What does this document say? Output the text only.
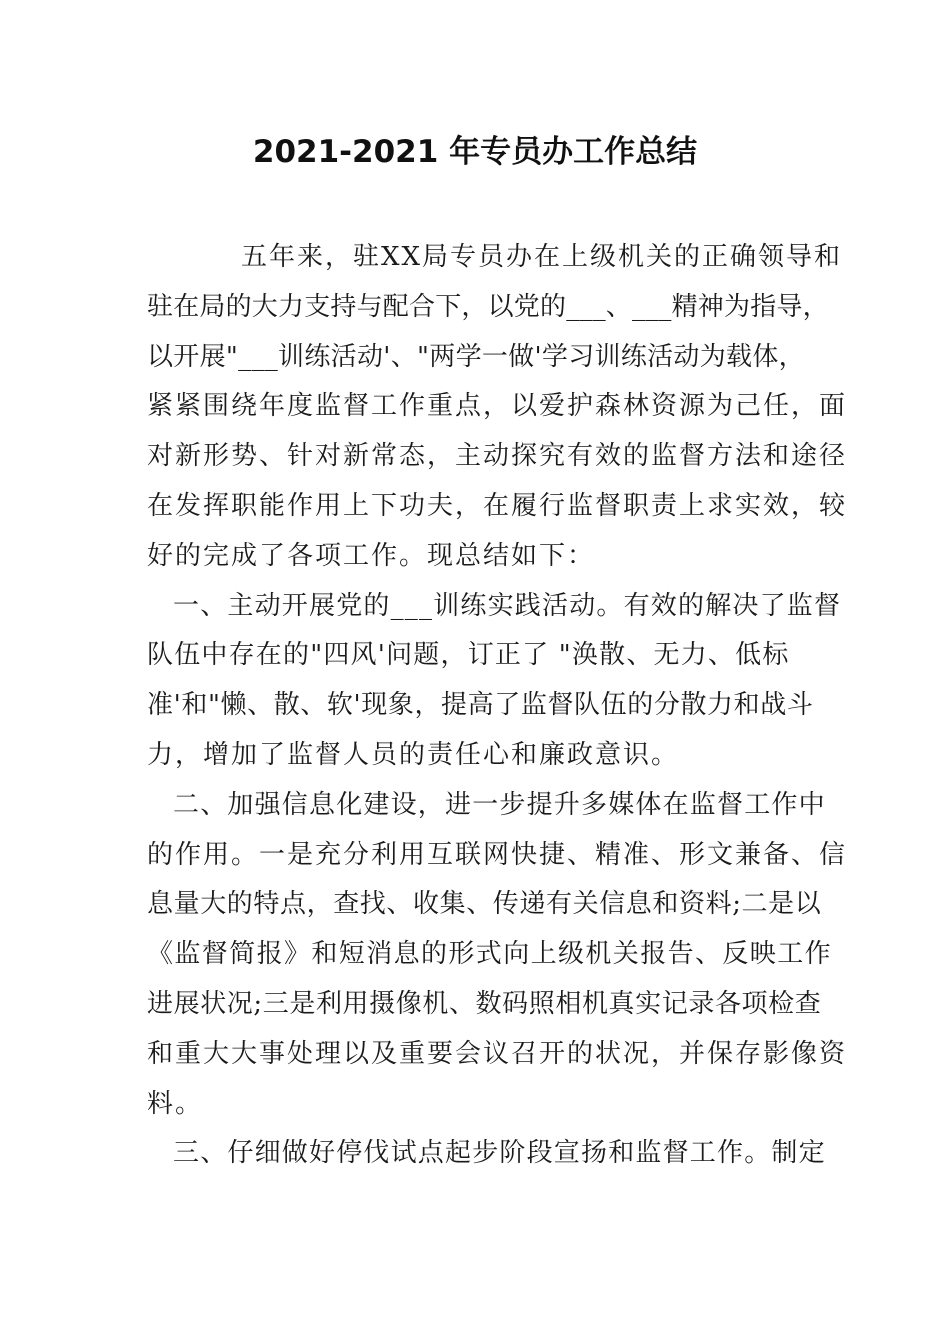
2021-2021 年专员办工作总结
五年来，驻XX局专员办在上级机关的正确领导和
驻在局的大力支持与配合下，以党的___、___精神为指导，
以开展"___训练活动'、"两学一做'学习训练活动为载体，
紧紧围绕年度监督工作重点，以爱护森林资源为己任，面
对新形势、针对新常态，主动探究有效的监督方法和途径
在发挥职能作用上下功夫，在履行监督职责上求实效，较
好的完成了各项工作。现总结如下：
一、主动开展党的___训练实践活动。有效的解决了监督
队伍中存在的"四风'问题，订正了 "涣散、无力、低标
准'和"懒、散、软'现象，提高了监督队伍的分散力和战斗
力，增加了监督人员的责任心和廉政意识。
二、加强信息化建设，进一步提升多媒体在监督工作中
的作用。一是充分利用互联网快捷、精准、形文兼备、信
息量大的特点，查找、收集、传递有关信息和资料;二是以
《监督简报》和短消息的形式向上级机关报告、反映工作
进展状况;三是利用摄像机、数码照相机真实记录各项检查
和重大大事处理以及重要会议召开的状况，并保存影像资
料。
三、仔细做好停伐试点起步阶段宣扬和监督工作。制定
